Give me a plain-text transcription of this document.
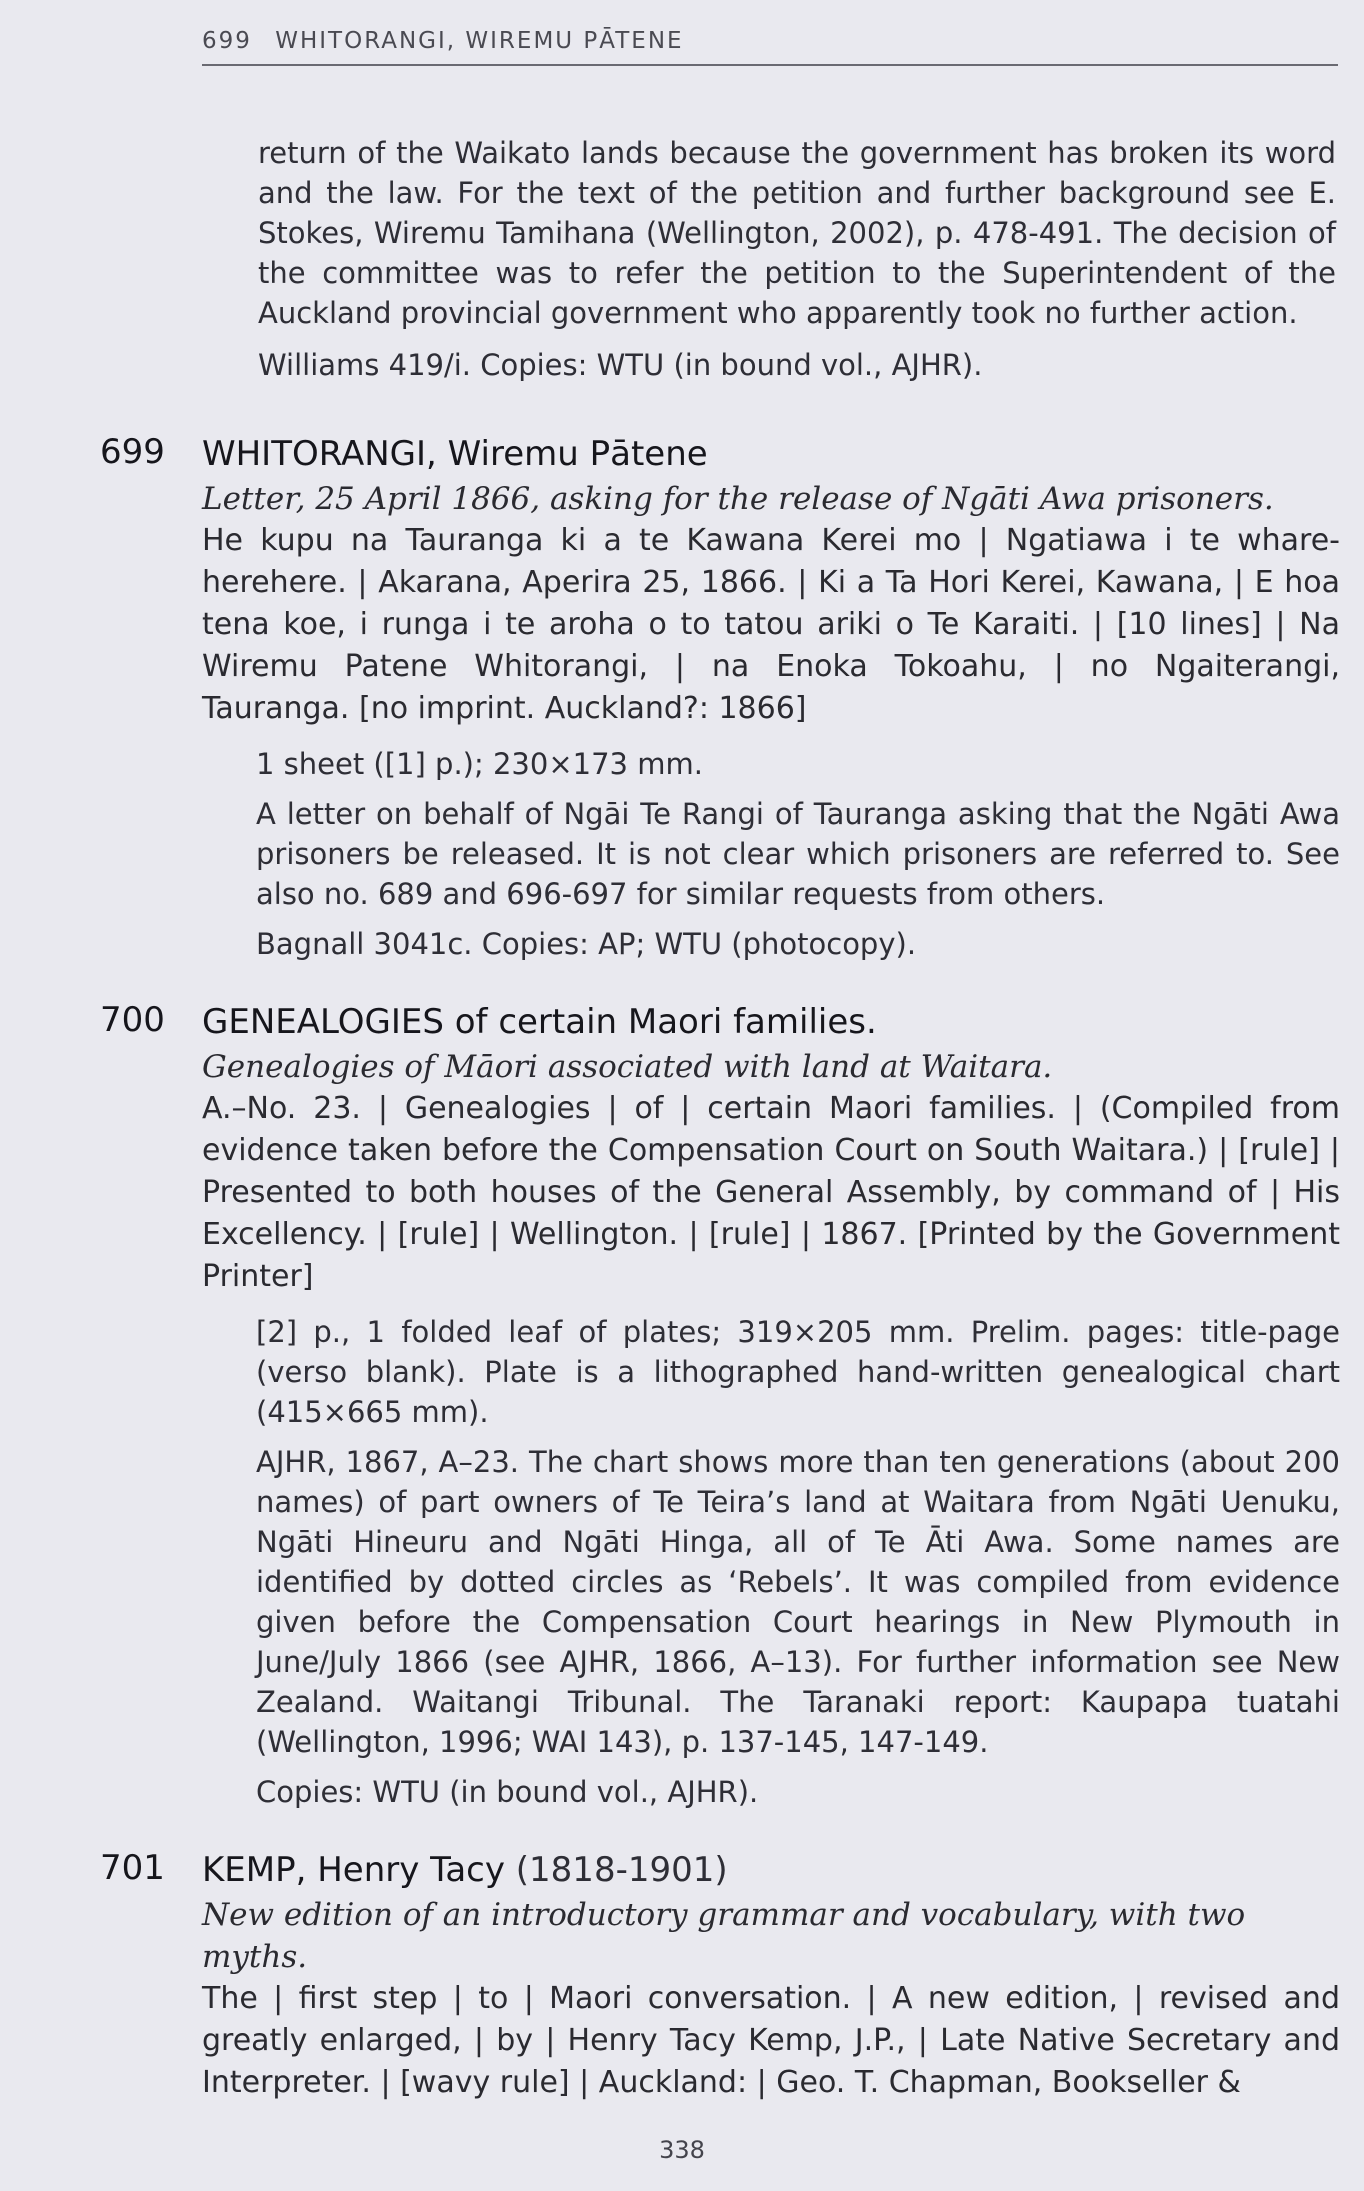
699 WHITORANGI, WIREMU PĀTENE

return of the Waikato lands because the government has broken its word and the law. For the text of the petition and further background see E. Stokes, Wiremu Tamihana (Wellington, 2002), p. 478-491. The decision of the committee was to refer the petition to the Superintendent of the Auckland provincial government who apparently took no further action.

Williams 419/i. Copies: WTU (in bound vol., AJHR).

699 WHITORANGI, Wiremu Pātene

Letter, 25 April 1866, asking for the release of Ngāti Awa prisoners.

He kupu na Tauranga ki a te Kawana Kerei mo | Ngatiawa i te whare-herehere. | Akarana, Aperira 25, 1866. | Ki a Ta Hori Kerei, Kawana, | E hoa tena koe, i runga i te aroha o to tatou ariki o Te Karaiti. | [10 lines] | Na Wiremu Patene Whitorangi, | na Enoka Tokoahu, | no Ngaiterangi, Tauranga. [no imprint. Auckland?: 1866]

1 sheet ([1] p.); 230×173 mm.

A letter on behalf of Ngāi Te Rangi of Tauranga asking that the Ngāti Awa prisoners be released. It is not clear which prisoners are referred to. See also no. 689 and 696-697 for similar requests from others.

Bagnall 3041c. Copies: AP; WTU (photocopy).

700 GENEALOGIES of certain Maori families.

Genealogies of Māori associated with land at Waitara.

A.–No. 23. | Genealogies | of | certain Maori families. | (Compiled from evidence taken before the Compensation Court on South Waitara.) | [rule] | Presented to both houses of the General Assembly, by command of | His Excellency. | [rule] | Wellington. | [rule] | 1867. [Printed by the Government Printer]

[2] p., 1 folded leaf of plates; 319×205 mm. Prelim. pages: title-page (verso blank). Plate is a lithographed hand-written genealogical chart (415×665 mm).

AJHR, 1867, A–23. The chart shows more than ten generations (about 200 names) of part owners of Te Teira’s land at Waitara from Ngāti Uenuku, Ngāti Hineuru and Ngāti Hinga, all of Te Āti Awa. Some names are identified by dotted circles as ‘Rebels’. It was compiled from evidence given before the Compensation Court hearings in New Plymouth in June/July 1866 (see AJHR, 1866, A–13). For further information see New Zealand. Waitangi Tribunal. The Taranaki report: Kaupapa tuatahi (Wellington, 1996; WAI 143), p. 137-145, 147-149.

Copies: WTU (in bound vol., AJHR).

701 KEMP, Henry Tacy (1818-1901)

New edition of an introductory grammar and vocabulary, with two myths.

The | first step | to | Maori conversation. | A new edition, | revised and greatly enlarged, | by | Henry Tacy Kemp, J.P., | Late Native Secretary and Interpreter. | [wavy rule] | Auckland: | Geo. T. Chapman, Bookseller &

338
